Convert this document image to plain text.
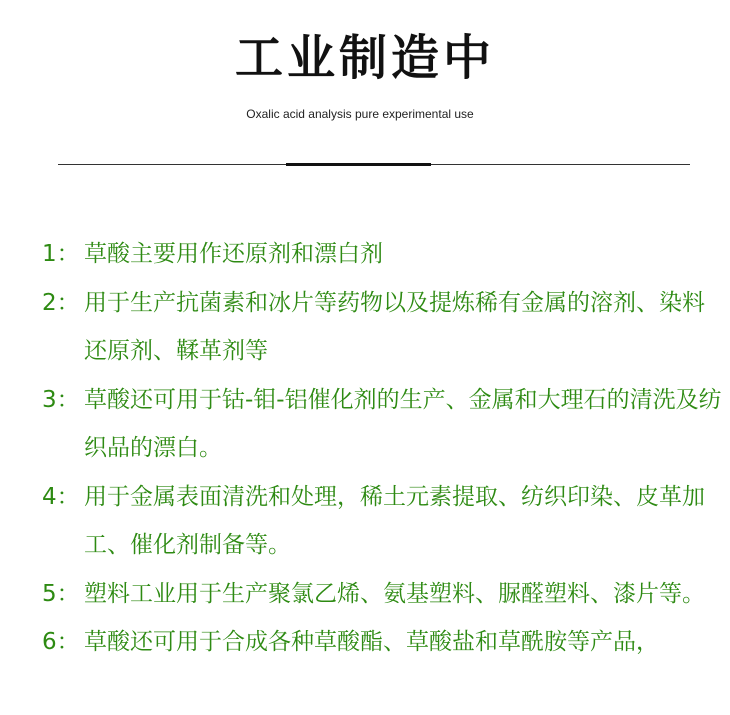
工业制造中
Oxalic acid analysis pure experimental use
1： 草酸主要用作还原剂和漂白剂
2： 用于生产抗菌素和冰片等药物以及提炼稀有金属的溶剂、染料还原剂、鞣革剂等
3： 草酸还可用于钴-钼-铝催化剂的生产、金属和大理石的清洗及纺织品的漂白。
4： 用于金属表面清洗和处理，稀土元素提取、纺织印染、皮革加工、催化剂制备等。
5： 塑料工业用于生产聚氯乙烯、氨基塑料、脲醛塑料、漆片等。
6： 草酸还可用于合成各种草酸酯、草酸盐和草酰胺等产品，
